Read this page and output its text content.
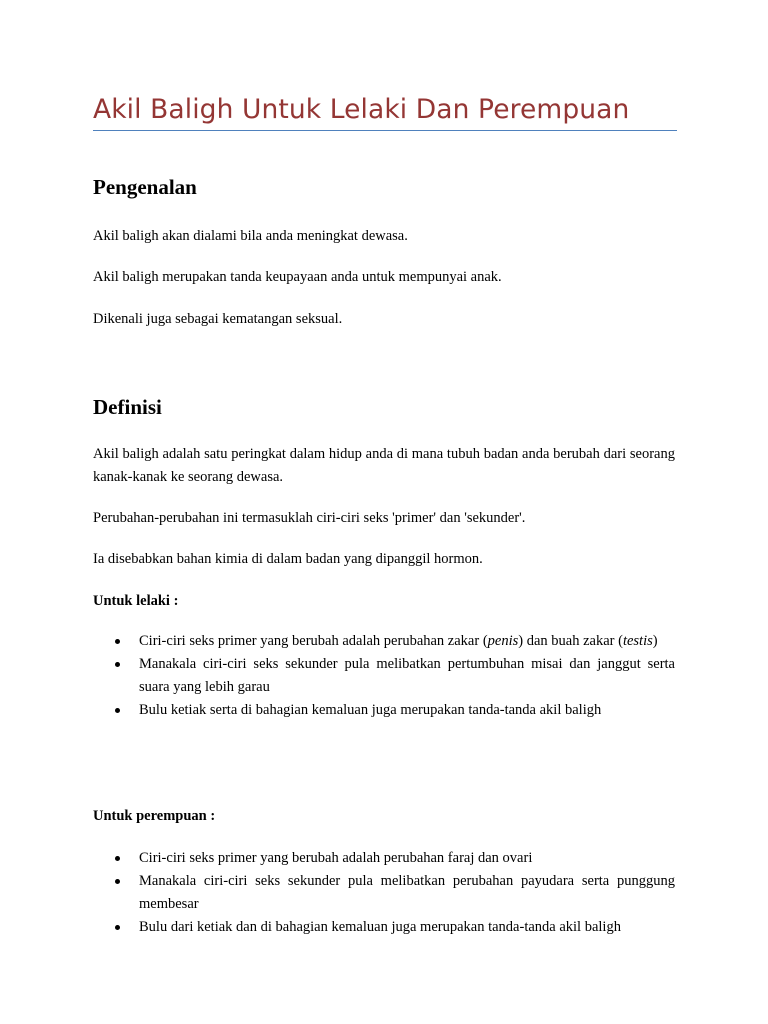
Akil Baligh Untuk Lelaki Dan Perempuan
Pengenalan

Akil baligh akan dialami bila anda meningkat dewasa.

Akil baligh merupakan tanda keupayaan anda untuk mempunyai anak.

Dikenali juga sebagai kematangan seksual.

Definisi

Akil baligh adalah satu peringkat dalam hidup anda di mana tubuh badan anda berubah dari seorang kanak-kanak ke seorang dewasa.

Perubahan-perubahan ini termasuklah ciri-ciri seks 'primer' dan 'sekunder'.

Ia disebabkan bahan kimia di dalam badan yang dipanggil hormon.

Untuk lelaki :

Ciri-ciri seks primer yang berubah adalah perubahan zakar (penis) dan buah zakar (testis)
Manakala ciri-ciri seks sekunder pula melibatkan pertumbuhan misai dan janggut serta suara yang lebih garau
Bulu ketiak serta di bahagian kemaluan juga merupakan tanda-tanda akil baligh

Untuk perempuan :

Ciri-ciri seks primer yang berubah adalah perubahan faraj dan ovari
Manakala ciri-ciri seks sekunder pula melibatkan perubahan payudara serta punggung membesar
Bulu dari ketiak dan di bahagian kemaluan juga merupakan tanda-tanda akil baligh
